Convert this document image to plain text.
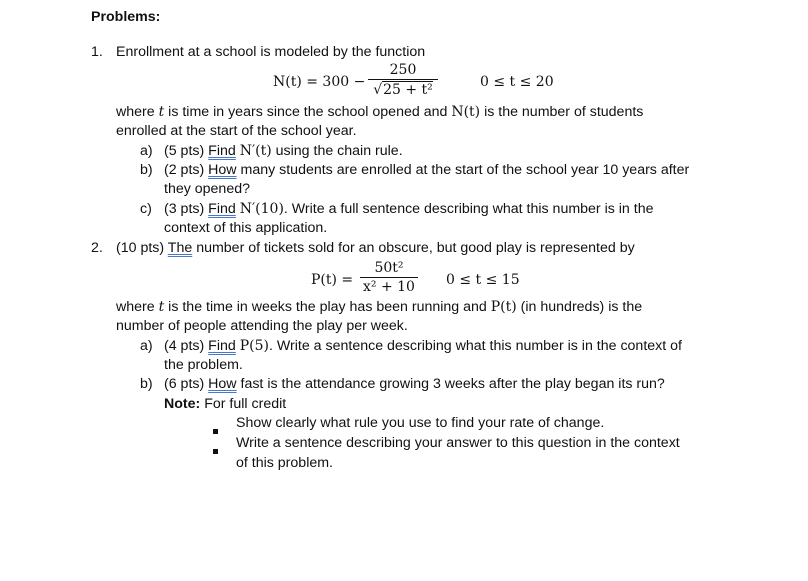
Problems:
1. Enrollment at a school is modeled by the function
N(t) = 300 −
250
√25 + t²	0 ≤ t ≤ 20
where t is time in years since the school opened and N(t) is the number of students
enrolled at the start of the school year.
a) (5 pts) Find N′(t) using the chain rule.
b) (2 pts) How many students are enrolled at the start of the school year 10 years after
they opened?
c) (3 pts) Find N′(10). Write a full sentence describing what this number is in the
context of this application.
2. (10 pts) The number of tickets sold for an obscure, but good play is represented by
P(t) =
50t²
x² + 10 0 ≤ t ≤ 15
where t is the time in weeks the play has been running and P(t) (in hundreds) is the
number of people attending the play per week.
a) (4 pts) Find P(5). Write a sentence describing what this number is in the context of
the problem.
b) (6 pts) How fast is the attendance growing 3 weeks after the play began its run?
Note: For full credit
Show clearly what rule you use to find your rate of change.
Write a sentence describing your answer to this question in the context
of this problem.
